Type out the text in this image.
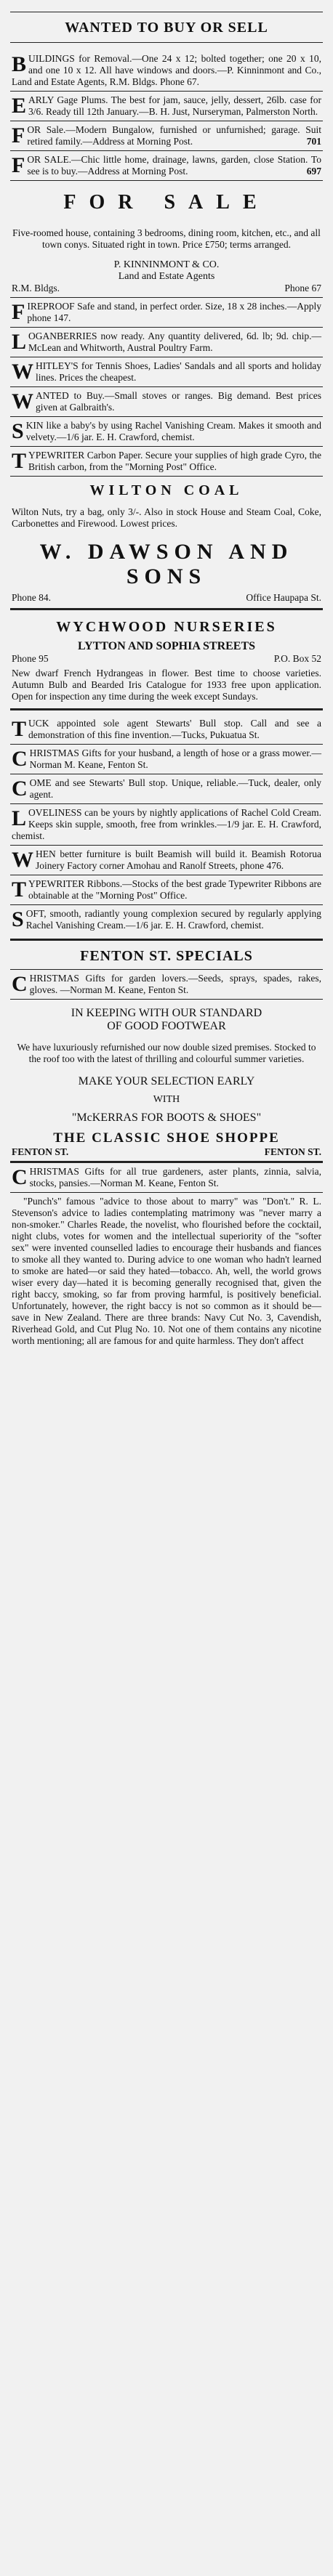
WANTED TO BUY OR SELL
B UILDINGS for Removal.—One 24 x 12; bolted together; one 20 x 10, and one 10 x 12. All have windows and doors.—P. Kinninmont and Co., Land and Estate Agents, R.M. Bldgs. Phone 67.
E ARLY Gage Plums. The best for jam, sauce, jelly, dessert, 26lb. case for 3/6. Ready till 12th January.—B. H. Just, Nurseryman, Palmerston North.
F OR Sale.—Modern Bungalow, furnished or unfurnished; garage. Suit retired family.—Address at Morning Post.	701
F OR SALE.—Chic little home, drainage, lawns, garden, close Station. To see is to buy.—Address at Morning Post.	697
FOR SALE
Five-roomed house, containing 3 bedrooms, dining room, kitchen, etc., and all town conys. Situated right in town. Price £750; terms arranged.
P. KINNINMONT & CO.
Land and Estate Agents
R.M. Bldgs.	Phone 67
F IREPROOF Safe and stand, in perfect order. Size, 18 x 28 inches.—Apply phone 147.
L OGANBERRIES now ready. Any quantity delivered, 6d. lb; 9d. chip.—McLean and Whitworth, Austral Poultry Farm.
W HITLEY'S for Tennis Shoes, Ladies' Sandals and all sports and holiday lines. Prices the cheapest.
W ANTED to Buy.—Small stoves or ranges. Big demand. Best prices given at Galbraith's.
S KIN like a baby's by using Rachel Vanishing Cream. Makes it smooth and velvety.—1/6 jar. E. H. Crawford, chemist.
T YPEWRITER Carbon Paper. Secure your supplies of high grade Cyro, the British carbon, from the "Morning Post" Office.
WILTON COAL
Wilton Nuts, try a bag, only 3/-. Also in stock House and Steam Coal, Coke, Carbonettes and Firewood. Lowest prices.
W. DAWSON AND SONS
Phone 84.	Office Haupapa St.
WYCHWOOD NURSERIES
LYTTON AND SOPHIA STREETS
Phone 95	P.O. Box 52
New dwarf French Hydrangeas in flower. Best time to choose varieties. Autumn Bulb and Bearded Iris Catalogue for 1933 free upon application. Open for inspection any time during the week except Sundays.
T UCK appointed sole agent Stewarts' Bull stop. Call and see a demonstration of this fine invention.—Tucks, Pukuatua St.
C HRISTMAS Gifts for your husband, a length of hose or a grass mower.—Norman M. Keane, Fenton St.
C OME and see Stewarts' Bull stop. Unique, reliable.—Tuck, dealer, only agent.
L OVELINESS can be yours by nightly applications of Rachel Cold Cream. Keeps skin supple, smooth, free from wrinkles.—1/9 jar. E. H. Crawford, chemist.
W HEN better furniture is built Beamish will build it. Beamish Rotorua Joinery Factory corner Amohau and Ranolf Streets, phone 476.
T YPEWRITER Ribbons.—Stocks of the best grade Typewriter Ribbons are obtainable at the "Morning Post" Office.
S OFT, smooth, radiantly young complexion secured by regularly applying Rachel Vanishing Cream.—1/6 jar. E. H. Crawford, chemist.
FENTON ST. SPECIALS
C HRISTMAS Gifts for garden lovers.—Seeds, sprays, spades, rakes, gloves. —Norman M. Keane, Fenton St.
IN KEEPING WITH OUR STANDARD
OF GOOD FOOTWEAR
We have luxuriously refurnished our now double sized premises. Stocked to the roof too with the latest of thrilling and colourful summer varieties.
MAKE YOUR SELECTION EARLY
WITH
"McKERRAS FOR BOOTS & SHOES"
THE CLASSIC SHOE SHOPPE
FENTON ST.	FENTON ST.
C HRISTMAS Gifts for all true gardeners, aster plants, zinnia, salvia, stocks, pansies.—Norman M. Keane, Fenton St.
"Punch's" famous "advice to those about to marry" was "Don't." R. L. Stevenson's advice to ladies contemplating matrimony was "never marry a non-smoker." Charles Reade, the novelist, who flourished before the cocktail, night clubs, votes for women and the intellectual superiority of the "softer sex" were invented counselled ladies to encourage their husbands and fiances to smoke all they wanted to. During advice to one woman who hadn't learned to smoke are hated—or said they hated—tobacco. Ah, well, the world grows wiser every day—hated it is becoming generally recognised that, given the right baccy, smoking, so far from proving harmful, is positively beneficial. Unfortunately, however, the right baccy is not so common as it should be—save in New Zealand. There are three brands: Navy Cut No. 3, Cavendish, Riverhead Gold, and Cut Plug No. 10. Not one of them contains any nicotine worth mentioning; all are famous for and quite harmless. They don't affect
